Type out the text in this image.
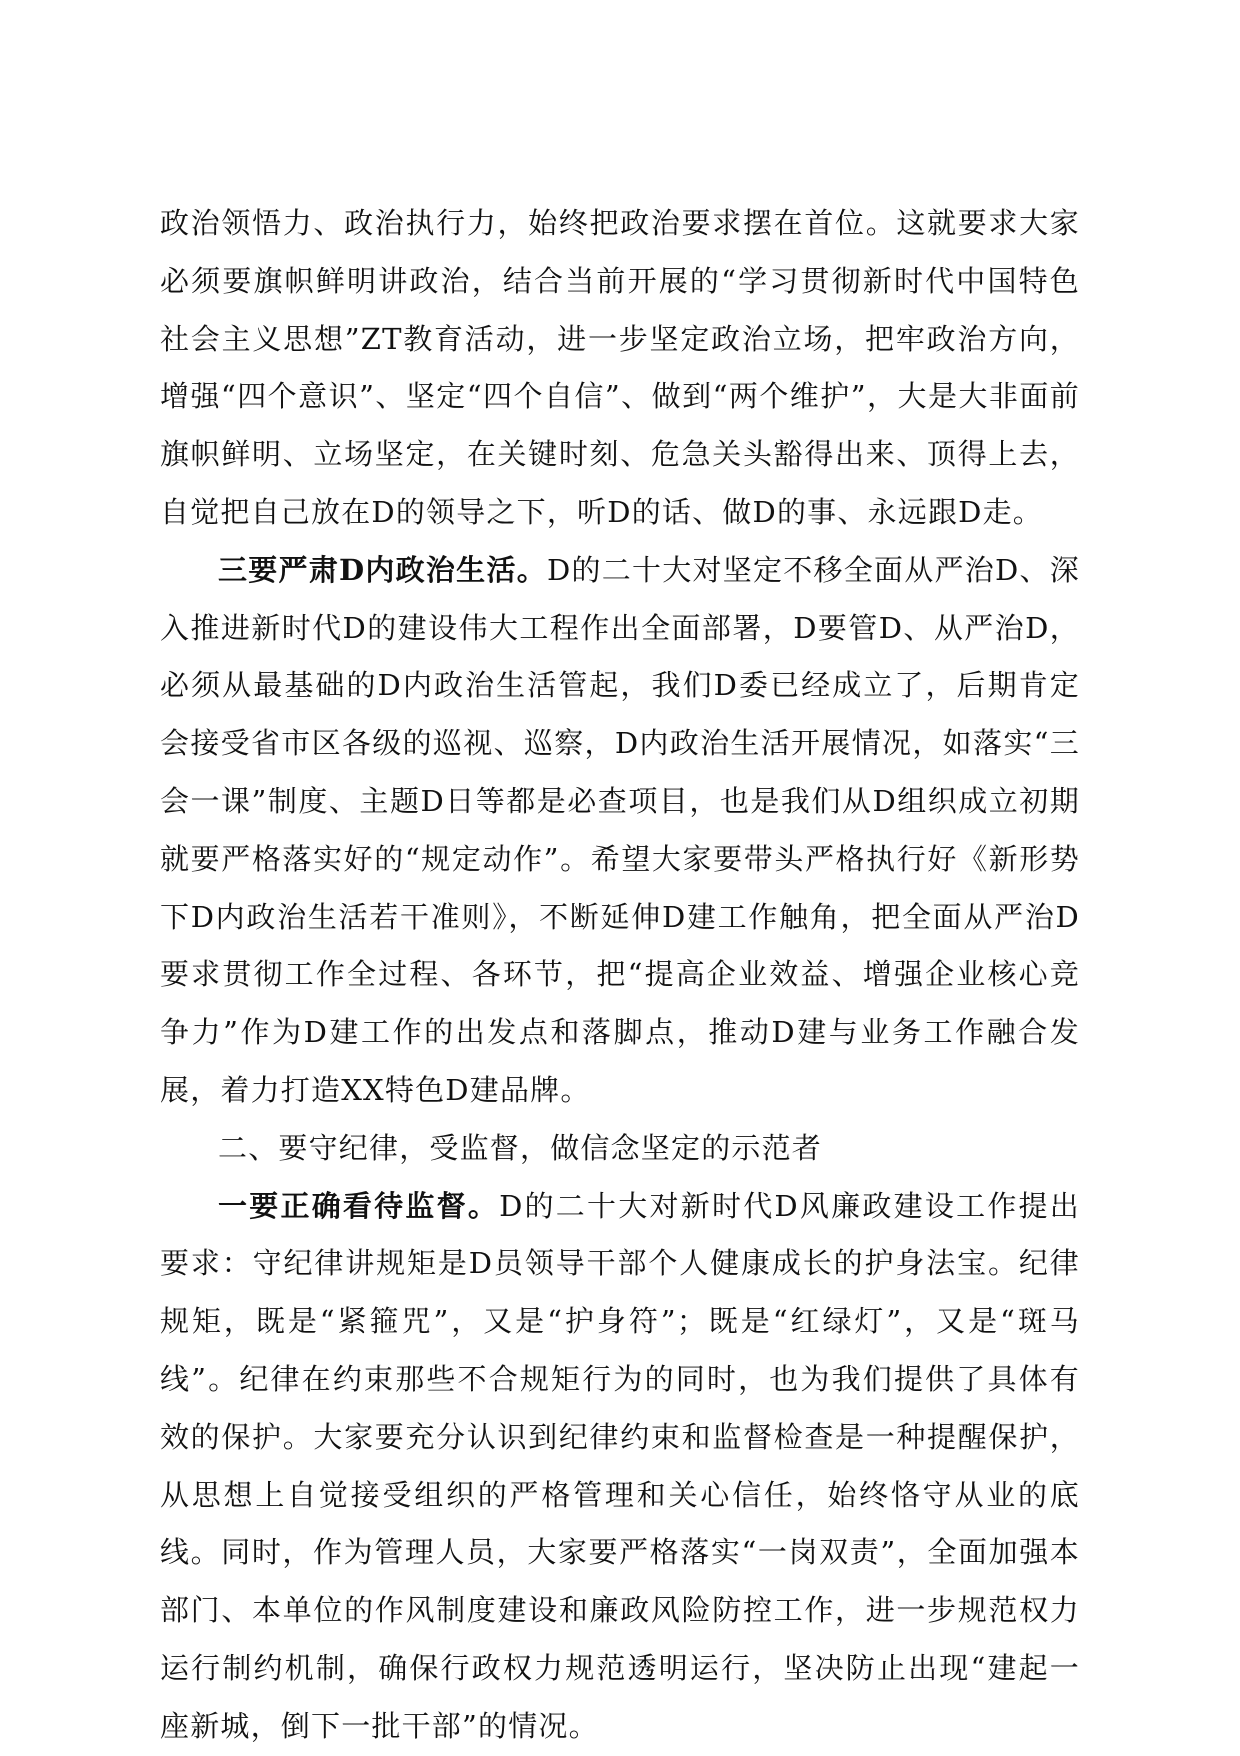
政治领悟力、政治执行力，始终把政治要求摆在首位。这就要求大家必须要旗帜鲜明讲政治，结合当前开展的“学习贯彻新时代中国特色社会主义思想”ZT教育活动，进一步坚定政治立场，把牢政治方向，增强“四个意识”、坚定“四个自信”、做到“两个维护”，大是大非面前旗帜鲜明、立场坚定，在关键时刻、危急关头豁得出来、顶得上去，自觉把自己放在D的领导之下，听D的话、做D的事、永远跟D走。

三要严肃D内政治生活。D的二十大对坚定不移全面从严治D、深入推进新时代D的建设伟大工程作出全面部署，D要管D、从严治D，必须从最基础的D内政治生活管起，我们D委已经成立了，后期肯定会接受省市区各级的巡视、巡察，D内政治生活开展情况，如落实“三会一课”制度、主题D日等都是必查项目，也是我们从D组织成立初期就要严格落实好的“规定动作”。希望大家要带头严格执行好《新形势下D内政治生活若干准则》，不断延伸D建工作触角，把全面从严治D要求贯彻工作全过程、各环节，把“提高企业效益、增强企业核心竞争力”作为D建工作的出发点和落脚点，推动D建与业务工作融合发展，着力打造XX特色D建品牌。

二、要守纪律，受监督，做信念坚定的示范者

一要正确看待监督。D的二十大对新时代D风廉政建设工作提出要求：守纪律讲规矩是D员领导干部个人健康成长的护身法宝。纪律规矩，既是“紧箍咒”，又是“护身符”；既是“红绿灯”，又是“斑马线”。纪律在约束那些不合规矩行为的同时，也为我们提供了具体有效的保护。大家要充分认识到纪律约束和监督检查是一种提醒保护， 从思想上自觉接受组织的严格管理和关心信任，始终恪守从业的底线。同时，作为管理人员，大家要严格落实“一岗双责”，全面加强本部门、本单位的作风制度建设和廉政风险防控工作，进一步规范权力运行制约机制，确保行政权力规范透明运行，坚决防止出现“建起一座新城，倒下一批干部”的情况。
